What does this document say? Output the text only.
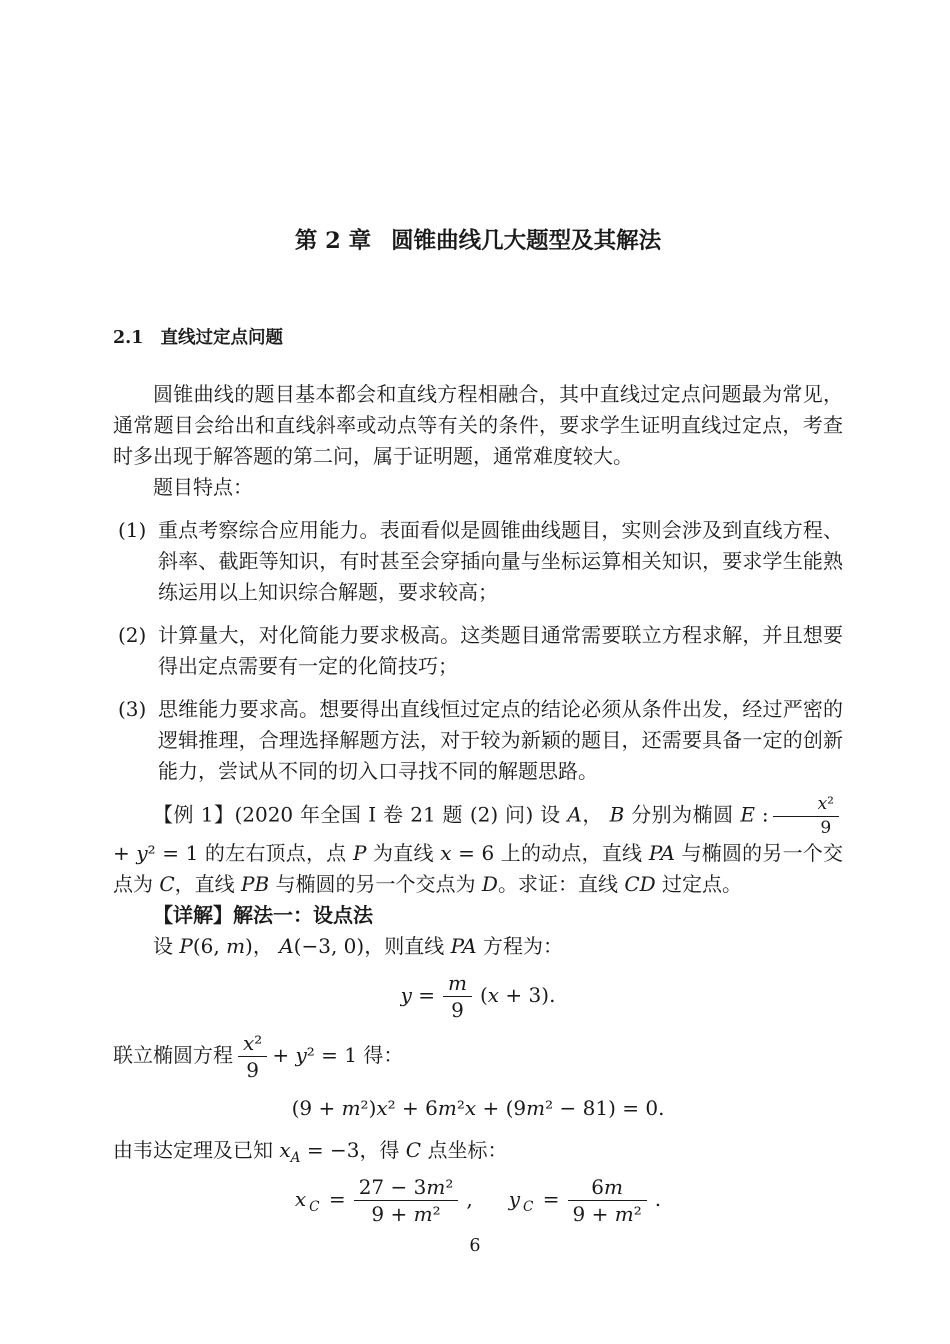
第 2 章 圆锥曲线几大题型及其解法
2.1 直线过定点问题

圆锥曲线的题目基本都会和直线方程相融合，其中直线过定点问题最为常见，通常题目会给出和直线斜率或动点等有关的条件，要求学生证明直线过定点，考查时多出现于解答题的第二问，属于证明题，通常难度较大。

题目特点：

(1) 重点考察综合应用能力。表面看似是圆锥曲线题目，实则会涉及到直线方程、斜率、截距等知识，有时甚至会穿插向量与坐标运算相关知识，要求学生能熟练运用以上知识综合解题，要求较高；
(2) 计算量大，对化简能力要求极高。这类题目通常需要联立方程求解，并且想要得出定点需要有一定的化简技巧；
(3) 思维能力要求高。想要得出直线恒过定点的结论必须从条件出发，经过严密的逻辑推理，合理选择解题方法，对于较为新颖的题目，还需要具备一定的创新能力，尝试从不同的切入口寻找不同的解题思路。

【例 1】(2020 年全国 I 卷 21 题 (2) 问) 设 A， B 分别为椭圆 E : $\frac{\text{x²}}{9}$
+ y² = 1 的左右顶点，点 P 为直线 x = 6 上的动点，直线 PA 与椭圆的另一个交点为 C，直线 PB 与椭圆的另一个交点为 D。求证：直线 CD 过定点。

【详解】解法一：设点法

设 P(6, m)， A(−3, 0)，则直线 PA 方程为：

$y = \frac{m}{9} (x + 3)$.

联立椭圆方程 $\frac{\text{x²}}{9} + y^2 = 1$ 得：

(9 + m²)x² + 6m²x + (9m² − 81) = 0.

由韦达定理及已知 $x_A = -3$，得 C 点坐标：

x $_C = \frac{\text{27 − 3m²}}{\text{9 + m²}}$ , y $_C = \frac{6m}{\text{9 + m²}}$ .
6
